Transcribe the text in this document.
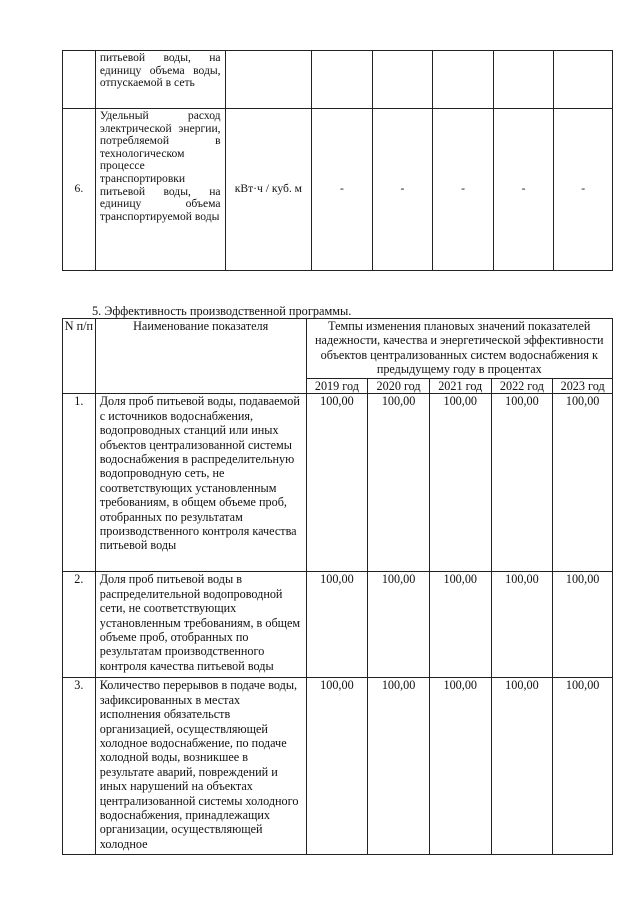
	питьевой воды, на единицу объема воды, отпускаемой в сеть						
6.	Удельный расход электрической энергии, потребляемой в технологическом процессе транспортировки питьевой воды, на единицу объема транспортируемой воды	кВт·ч / куб. м	-	-	-	-	-
5. Эффективность производственной программы.
N п/п	Наименование показателя	Темпы изменения плановых значений показателей надежности, качества и энергетической эффективности объектов централизованных систем водоснабжения к предыдущему году в процентах				
		2019 год	2020 год	2021 год	2022 год	2023 год
1.	Доля проб питьевой воды, подаваемой с источников водоснабжения, водопроводных станций или иных объектов централизованной системы водоснабжения в распределительную водопроводную сеть, не соответствующих установленным требованиям, в общем объеме проб, отобранных по результатам производственного контроля качества питьевой воды	100,00	100,00	100,00	100,00	100,00
2.	Доля проб питьевой воды в распределительной водопроводной сети, не соответствующих установленным требованиям, в общем объеме проб, отобранных по результатам производственного контроля качества питьевой воды	100,00	100,00	100,00	100,00	100,00
3.	Количество перерывов в подаче воды, зафиксированных в местах исполнения обязательств организацией, осуществляющей холодное водоснабжение, по подаче холодной воды, возникшее в результате аварий, повреждений и иных нарушений на объектах централизованной системы холодного водоснабжения, принадлежащих организации, осуществляющей холодное	100,00	100,00	100,00	100,00	100,00
